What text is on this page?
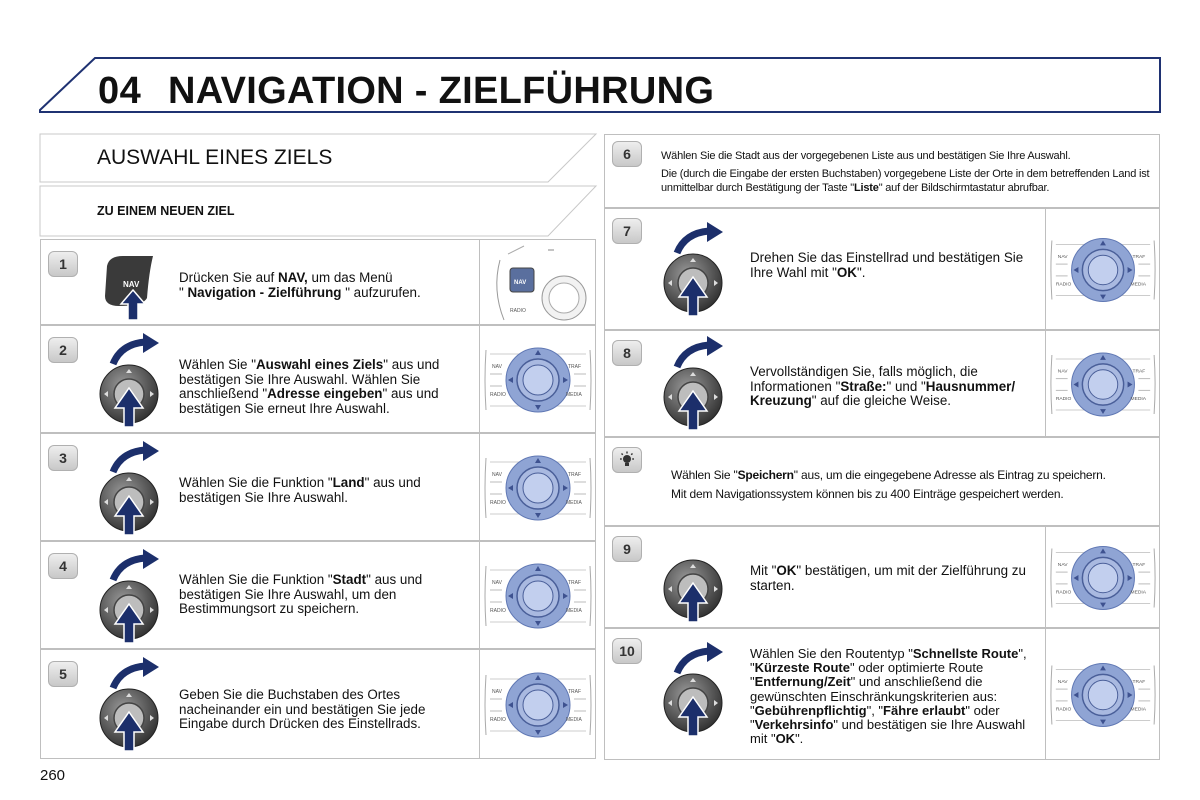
04 NAVIGATION - ZIELFÜHRUNG
AUSWAHL EINES ZIELS
ZU EINEM NEUEN ZIEL
1
NAV	Drücken Sie auf NAV, um das Menü
" Navigation - Zielführung " aufzurufen.
NAV
RADIO
2
Wählen Sie "Auswahl eines Ziels" aus und bestätigen Sie Ihre Auswahl. Wählen Sie anschließend "Adresse eingeben" aus und bestätigen Sie erneut Ihre Auswahl.
NAV	TRAF
RADIO	MEDIA
3
Wählen Sie die Funktion "Land" aus und bestätigen Sie Ihre Auswahl.
NAV	TRAF
RADIO	MEDIA
4
Wählen Sie die Funktion "Stadt" aus und bestätigen Sie Ihre Auswahl, um den Bestimmungsort zu speichern.
NAV	TRAF
RADIO	MEDIA
5
Geben Sie die Buchstaben des Ortes nacheinander ein und bestätigen Sie jede Eingabe durch Drücken des Einstellrads.
NAV	TRAF
RADIO	MEDIA
6	Wählen Sie die Stadt aus der vorgegebenen Liste aus und bestätigen Sie Ihre Auswahl.
Die (durch die Eingabe der ersten Buchstaben) vorgegebene Liste der Orte in dem betreffenden Land ist unmittelbar durch Bestätigung der Taste "Liste" auf der Bildschirmtastatur abrufbar.
7
Drehen Sie das Einstellrad und bestätigen Sie Ihre Wahl mit "OK".
NAV	TRAF
RADIO	MEDIA
8
Vervollständigen Sie, falls möglich, die Informationen "Straße:" und "Hausnummer/ Kreuzung" auf die gleiche Weise.
NAV	TRAF
RADIO	MEDIA
Wählen Sie "Speichern" aus, um die eingegebene Adresse als Eintrag zu speichern.
Mit dem Navigationssystem können bis zu 400 Einträge gespeichert werden.
9
Mit "OK" bestätigen, um mit der Zielführung zu starten.
NAV	TRAF
RADIO	MEDIA
10	Wählen Sie den Routentyp "Schnellste Route", "Kürzeste Route" oder optimierte Route "Entfernung/Zeit" und anschließend die gewünschten Einschränkungskriterien aus: "Gebührenpflichtig", "Fähre erlaubt" oder "Verkehrsinfo" und bestätigen sie Ihre Auswahl mit "OK".
NAV	TRAF
RADIO	MEDIA
260
